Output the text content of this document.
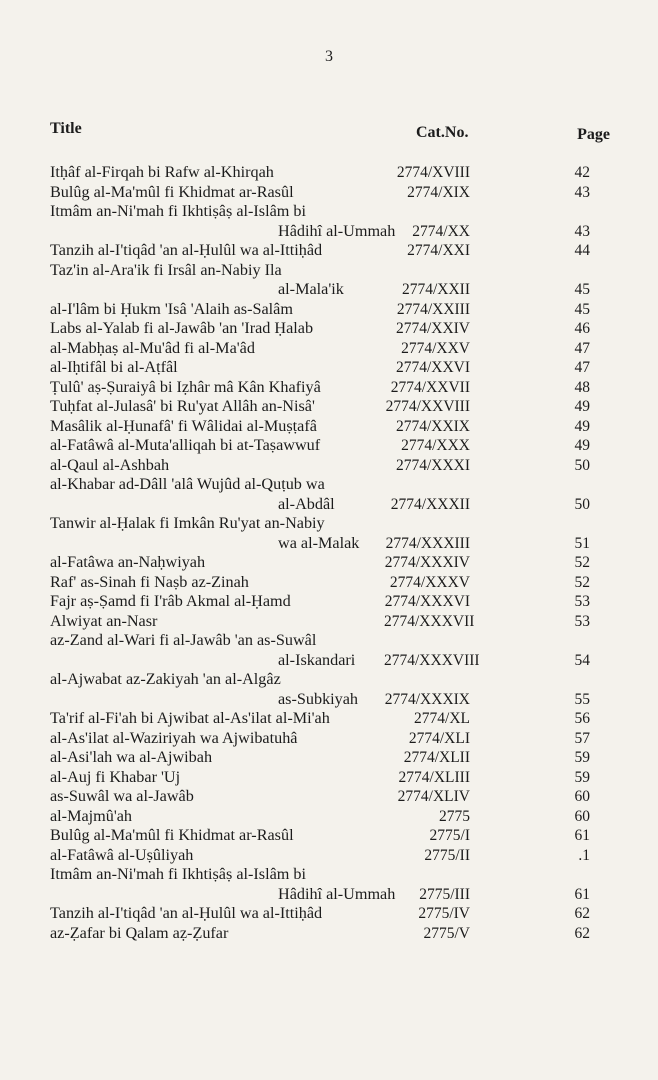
3
Title	Cat.No.	Page
Itḥâf al-Firqah bi Rafw al-Khirqah	2774/XVIII	42
Bulûg al-Ma'mûl fi Khidmat ar-Rasûl	2774/XIX	43
Itmâm an-Ni'mah fi Ikhtiṣâṣ al-Islâm bi
Hâdihî al-Ummah	2774/XX	43
Tanzih al-I'tiqâd 'an al-Ḥulûl wa al-Ittiḥâd	2774/XXI	44
Taz'in al-Ara'ik fi Irsâl an-Nabiy Ila
al-Mala'ik	2774/XXII	45
al-I'lâm bi Ḥukm 'Isâ 'Alaih as-Salâm	2774/XXIII	45
Labs al-Yalab fi al-Jawâb 'an 'Irad Ḥalab	2774/XXIV	46
al-Mabḥaṣ al-Mu'âd fi al-Ma'âd	2774/XXV	47
al-Iḥtifâl bi al-Aṭfâl	2774/XXVI	47
Ṭulû' aṣ-Ṣuraiyâ bi Iẓhâr mâ Kân Khafiyâ	2774/XXVII	48
Tuḥfat al-Julasâ' bi Ru'yat Allâh an-Nisâ'	2774/XXVIII	49
Masâlik al-Ḥunafâ' fi Wâlidai al-Muṣṭafâ	2774/XXIX	49
al-Fatâwâ al-Muta'alliqah bi at-Taṣawwuf	2774/XXX	49
al-Qaul al-Ashbah	2774/XXXI	50
al-Khabar ad-Dâll 'alâ Wujûd al-Quṭub wa
al-Abdâl	2774/XXXII	50
Tanwir al-Ḥalak fi Imkân Ru'yat an-Nabiy
wa al-Malak	2774/XXXIII	51
al-Fatâwa an-Naḥwiyah	2774/XXXIV	52
Raf' as-Sinah fi Naṣb az-Zinah	2774/XXXV	52
Fajr aṣ-Ṣamd fi I'râb Akmal al-Ḥamd	2774/XXXVI	53
Alwiyat an-Nasr	2774/XXXVII	53
az-Zand al-Wari fi al-Jawâb 'an as-Suwâl
al-Iskandari	2774/XXXVIII	54
al-Ajwabat az-Zakiyah 'an al-Algâz
as-Subkiyah	2774/XXXIX	55
Ta'rif al-Fi'ah bi Ajwibat al-As'ilat al-Mi'ah	2774/XL	56
al-As'ilat al-Waziriyah wa Ajwibatuhâ	2774/XLI	57
al-Asi'lah wa al-Ajwibah	2774/XLII	59
al-Auj fi Khabar 'Uj	2774/XLIII	59
as-Suwâl wa al-Jawâb	2774/XLIV	60
al-Majmû'ah	2775	60
Bulûg al-Ma'mûl fi Khidmat ar-Rasûl	2775/I	61
al-Fatâwâ al-Uṣûliyah	2775/II	.1
Itmâm an-Ni'mah fi Ikhtiṣâṣ al-Islâm bi
Hâdihî al-Ummah	2775/III	61
Tanzih al-I'tiqâd 'an al-Ḥulûl wa al-Ittiḥâd	2775/IV	62
az-Ẓafar bi Qalam aẓ-Ẓufar	2775/V	62
